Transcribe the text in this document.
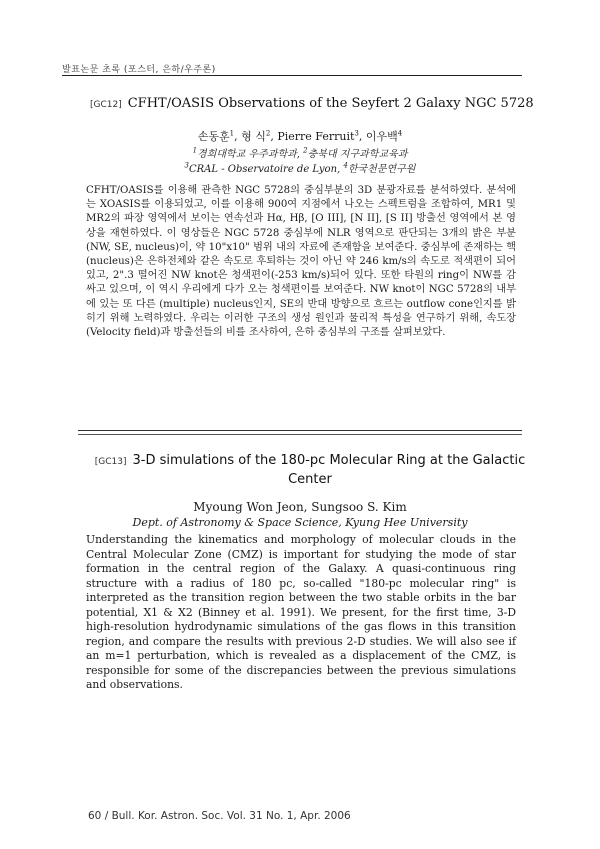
발표논문 초록 (포스터, 은하/우주론)
[GC12] CFHT/OASIS Observations of the Seyfert 2 Galaxy NGC 5728
손동훈$^1$, 형 식$^2$, Pierre Ferruit$^3$, 이우백$^4$
$^1$경희대학교 우주과학과, $^2$충북대 지구과학교육과
$^3$CRAL - Observatoire de Lyon, $^4$한국천문연구원

CFHT/OASIS를 이용해 관측한 NGC 5728의 중심부분의 3D 분광자료를 분석하였다. 분석에는 XOASIS를 이용되었고, 이를 이용해 900여 지점에서 나오는 스펙트럼을 조합하여, MR1 및 MR2의 파장 영역에서 보이는 연속선과 Hα, Hβ, [O III], [N II], [S II] 방출선 영역에서 본 영상을 재현하였다. 이 영상들은 NGC 5728 중심부에 NLR 영역으로 판단되는 3개의 밝은 부분(NW, SE, nucleus)이, 약 10"x10" 범위 내의 자료에 존재함을 보여준다. 중심부에 존재하는 핵(nucleus)은 은하전체와 같은 속도로 후퇴하는 것이 아닌 약 246 km/s의 속도로 적색편이 되어있고, 2".3 떨어진 NW knot은 청색편이(-253 km/s)되어 있다. 또한 타원의 ring이 NW를 감싸고 있으며, 이 역시 우리에게 다가 오는 청색편이를 보여준다. NW knot이 NGC 5728의 내부에 있는 또 다른 (multiple) nucleus인지, SE의 반대 방향으로 흐르는 outflow cone인지를 밝히기 위해 노력하였다. 우리는 이러한 구조의 생성 원인과 물리적 특성을 연구하기 위해, 속도장(Velocity field)과 방출선들의 비를 조사하여, 은하 중심부의 구조를 살펴보았다.

[GC13] 3-D simulations of the 180-pc Molecular Ring at the Galactic
Center
Myoung Won Jeon, Sungsoo S. Kim
Dept. of Astronomy & Space Science, Kyung Hee University

Understanding the kinematics and morphology of molecular clouds in the Central Molecular Zone (CMZ) is important for studying the mode of star formation in the central region of the Galaxy. A quasi-continuous ring structure with a radius of 180 pc, so-called "180-pc molecular ring" is interpreted as the transition region between the two stable orbits in the bar potential, X1 & X2 (Binney et al. 1991). We present, for the first time, 3-D high-resolution hydrodynamic simulations of the gas flows in this transition region, and compare the results with previous 2-D studies. We will also see if an m=1 perturbation, which is revealed as a displacement of the CMZ, is responsible for some of the discrepancies between the previous simulations and observations.

60 / Bull. Kor. Astron. Soc. Vol. 31 No. 1, Apr. 2006
